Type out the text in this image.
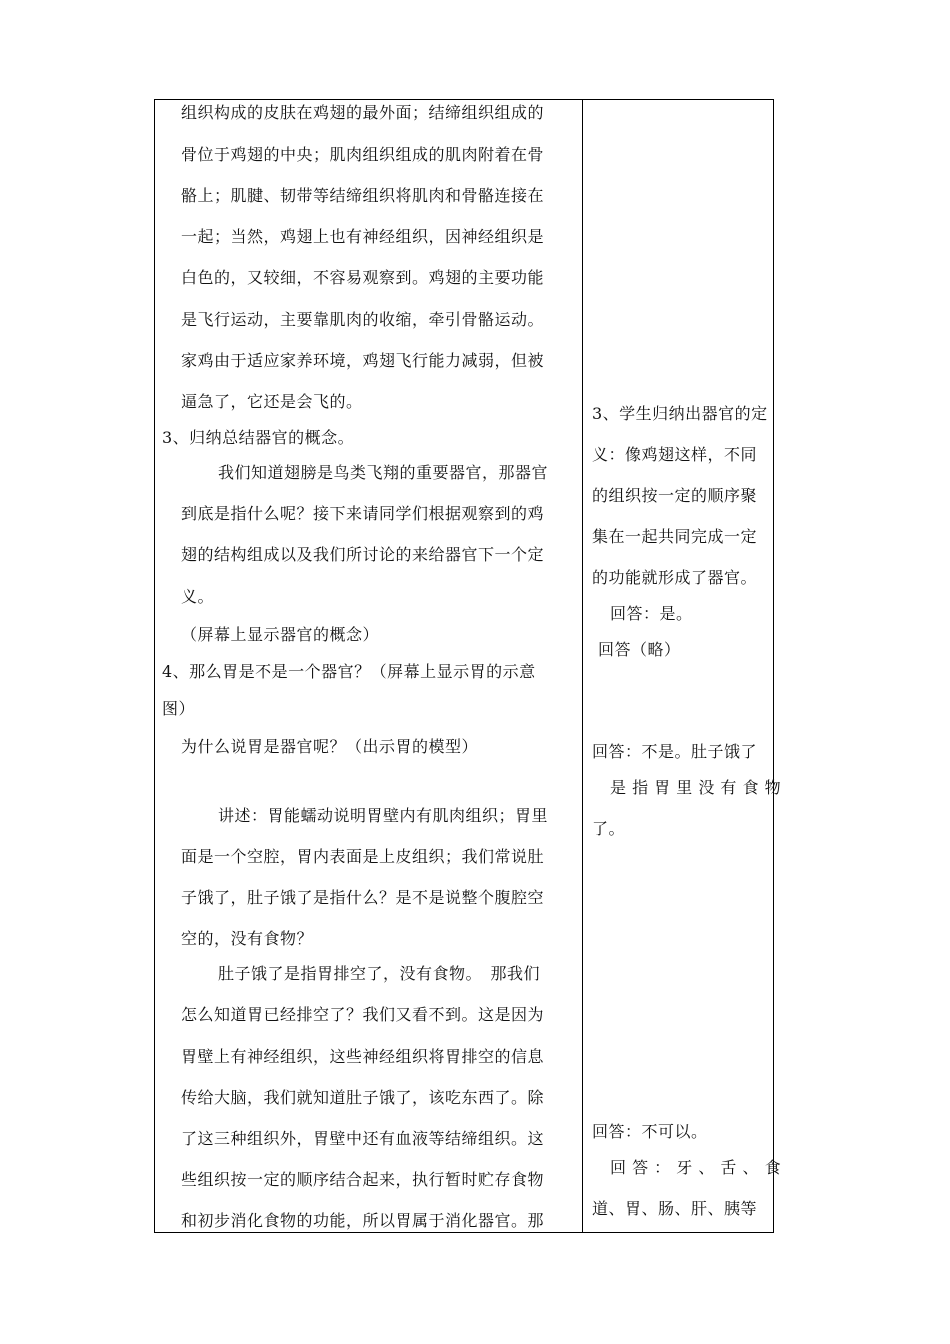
组织构成的皮肤在鸡翅的最外面；结缔组织组成的
骨位于鸡翅的中央；肌肉组织组成的肌肉附着在骨
骼上；肌腱、韧带等结缔组织将肌肉和骨骼连接在
一起；当然，鸡翅上也有神经组织，因神经组织是
白色的，又较细，不容易观察到。鸡翅的主要功能
是飞行运动，主要靠肌肉的收缩，牵引骨骼运动。
家鸡由于适应家养环境，鸡翅飞行能力减弱，但被
逼急了，它还是会飞的。
3、归纳总结器官的概念。
我们知道翅膀是鸟类飞翔的重要器官，那器官
到底是指什么呢？接下来请同学们根据观察到的鸡
翅的结构组成以及我们所讨论的来给器官下一个定
义。
（屏幕上显示器官的概念）
4、那么胃是不是一个器官？（屏幕上显示胃的示意
图）
为什么说胃是器官呢？（出示胃的模型）
讲述：胃能蠕动说明胃壁内有肌肉组织；胃里
面是一个空腔，胃内表面是上皮组织；我们常说肚
子饿了，肚子饿了是指什么？是不是说整个腹腔空
空的，没有食物？
肚子饿了是指胃排空了，没有食物。　那我们
怎么知道胃已经排空了？我们又看不到。这是因为
胃壁上有神经组织，这些神经组织将胃排空的信息
传给大脑，我们就知道肚子饿了，该吃东西了。除
了这三种组织外，胃壁中还有血液等结缔组织。这
些组织按一定的顺序结合起来，执行暂时贮存食物
和初步消化食物的功能，所以胃属于消化器官。那
3、学生归纳出器官的定
义：像鸡翅这样，不同
的组织按一定的顺序聚
集在一起共同完成一定
的功能就形成了器官。
回答：是。
回答（略）
回答：不是。肚子饿了
是 指 胃 里 没 有 食 物
了。
回答：不可以。
回 答 ： 牙 、 舌 、 食
道、胃、肠、肝、胰等
